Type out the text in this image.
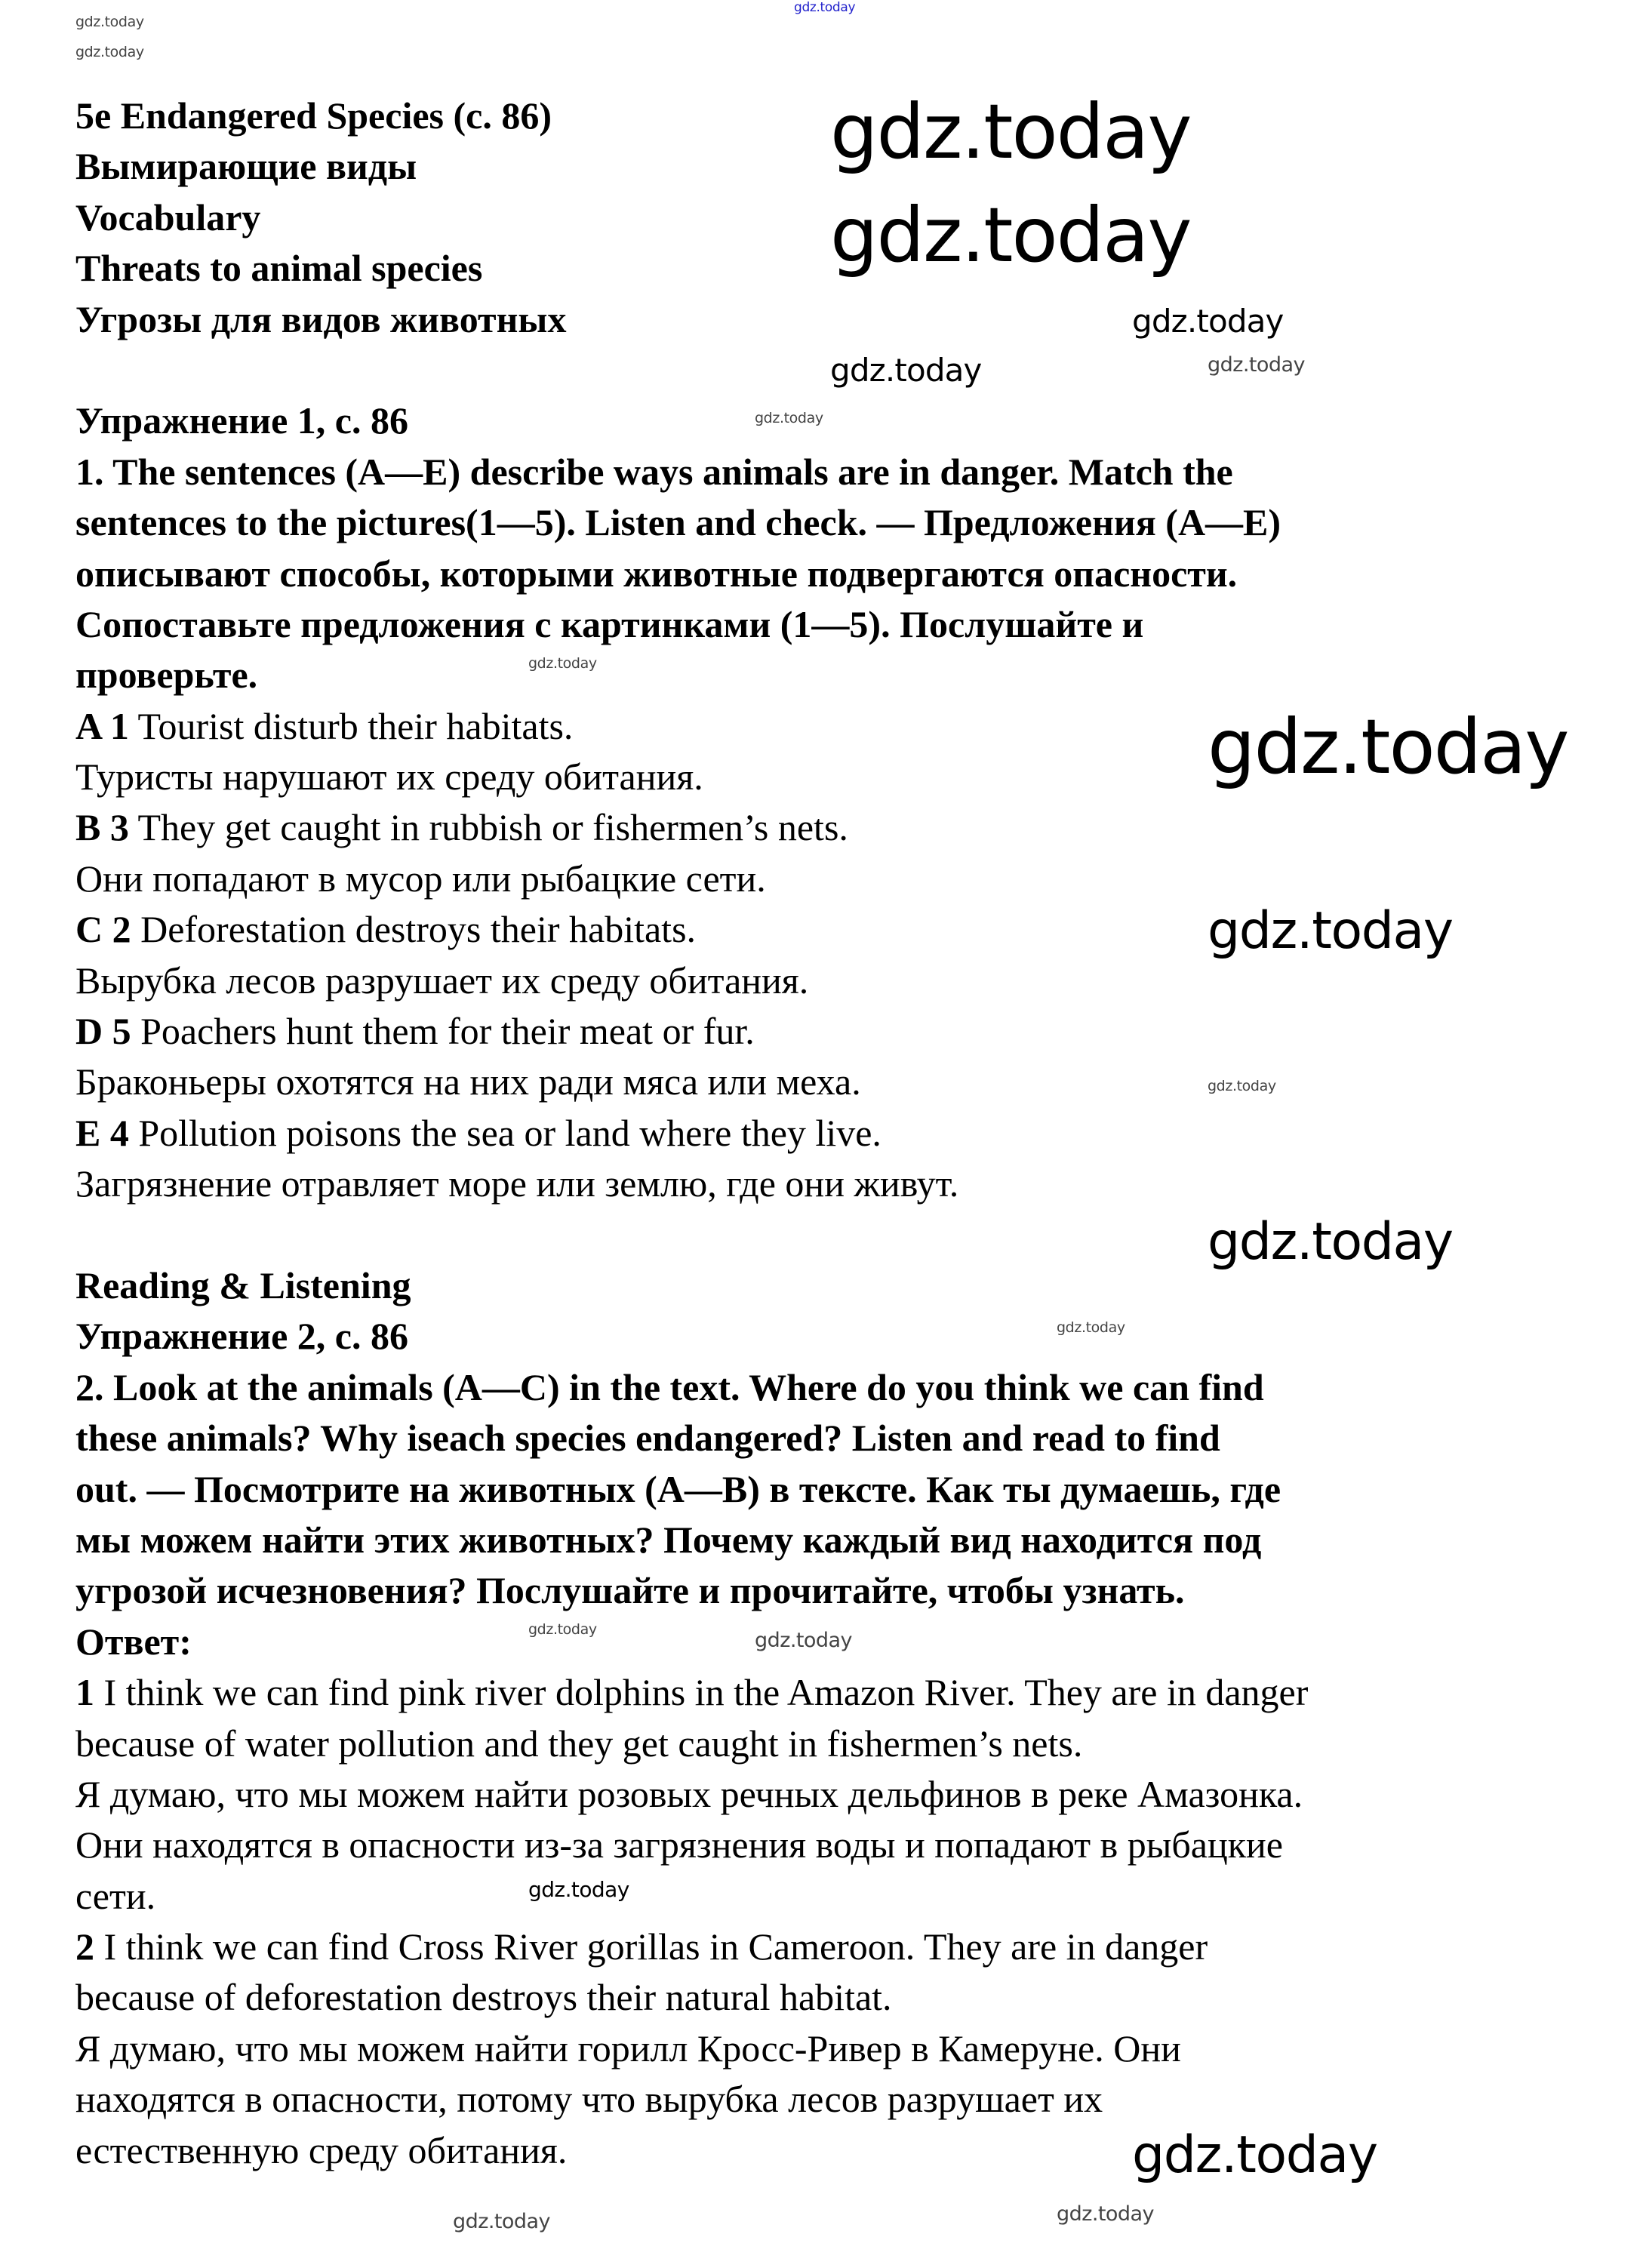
5e Endangered Species (с. 86)
Вымирающие виды
Vocabulary
Threats to animal species
Угрозы для видов животных
Упражнение 1, с. 86
1. The sentences (A—E) describe ways animals are in danger. Match the
sentences to the pictures(1—5). Listen and check. — Предложения (A—E)
описывают способы, которыми животные подвергаются опасности.
Сопоставьте предложения с картинками (1—5). Послушайте и
проверьте.
A 1 Tourist disturb their habitats.
Туристы нарушают их среду обитания.
B 3 They get caught in rubbish or fishermen’s nets.
Они попадают в мусор или рыбацкие сети.
C 2 Deforestation destroys their habitats.
Вырубка лесов разрушает их среду обитания.
D 5 Poachers hunt them for their meat or fur.
Браконьеры охотятся на них ради мяса или меха.
E 4 Pollution poisons the sea or land where they live.
Загрязнение отравляет море или землю, где они живут.
Reading & Listening
Упражнение 2, с. 86
2. Look at the animals (A—C) in the text. Where do you think we can find
these animals? Why iseach species endangered? Listen and read to find
out. — Посмотрите на животных (A—B) в тексте. Как ты думаешь, где
мы можем найти этих животных? Почему каждый вид находится под
угрозой исчезновения? Послушайте и прочитайте, чтобы узнать.
Ответ:
1 I think we can find pink river dolphins in the Amazon River. They are in danger
because of water pollution and they get caught in fishermen’s nets.
Я думаю, что мы можем найти розовых речных дельфинов в реке Амазонка.
Они находятся в опасности из-за загрязнения воды и попадают в рыбацкие
сети.
2 I think we can find Cross River gorillas in Cameroon. They are in danger
because of deforestation destroys their natural habitat.
Я думаю, что мы можем найти горилл Кросс-Ривер в Камеруне. Они
находятся в опасности, потому что вырубка лесов разрушает их
естественную среду обитания.
gdz.today
gdz.today
gdz.today
gdz.today
gdz.today
gdz.today
gdz.today
gdz.today
gdz.today
gdz.today
gdz.today
gdz.today
gdz.today
gdz.today
gdz.today
gdz.today
gdz.today
gdz.today
gdz.today
gdz.today
gdz.today
